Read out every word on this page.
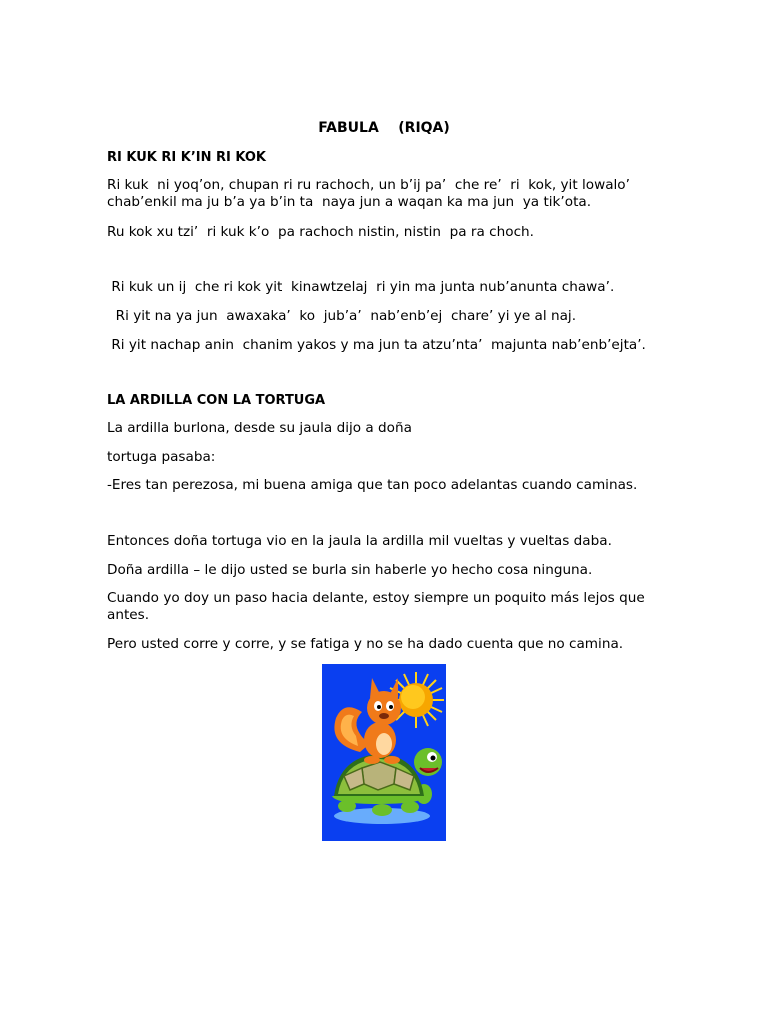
FABULA    (RIQA)
RI KUK RI K’IN RI KOK
Ri kuk  ni yoq’on, chupan ri ru rachoch, un b’ij pa’  che re’  ri  kok, yit lowalo’ chab’enkil ma ju b’a ya b’in ta  naya jun a waqan ka ma jun  ya tik’ota.
Ru kok xu tzi’  ri kuk k’o  pa rachoch nistin, nistin  pa ra choch.
Ri kuk un ij  che ri kok yit  kinawtzelaj  ri yin ma junta nub’anunta chawa’.
Ri yit na ya jun  awaxaka’  ko  jub’a’  nab’enb’ej  chare’ yi ye al naj.
Ri yit nachap anin  chanim yakos y ma jun ta atzu’nta’  majunta nab’enb’ejta’.
LA ARDILLA CON LA TORTUGA
La ardilla burlona, desde su jaula dijo a doña
tortuga pasaba:
-Eres tan perezosa, mi buena amiga que tan poco adelantas cuando caminas.
Entonces doña tortuga vio en la jaula la ardilla mil vueltas y vueltas daba.
Doña ardilla – le dijo usted se burla sin haberle yo hecho cosa ninguna.
Cuando yo doy un paso hacia delante, estoy siempre un poquito más lejos que antes.
Pero usted corre y corre, y se fatiga y no se ha dado cuenta que no camina.
